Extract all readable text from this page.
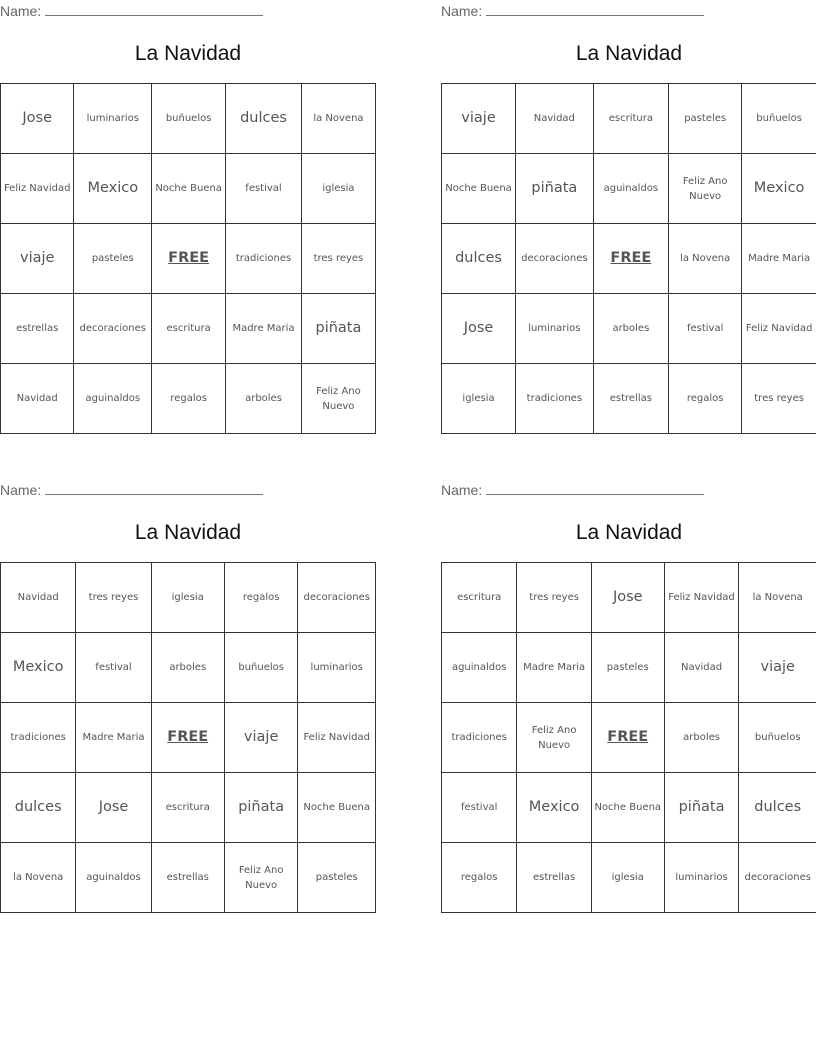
Name:
La Navidad
Jose	luminarios	buñuelos	dulces	la Novena
Feliz Navidad	Mexico	Noche Buena	festival	iglesia
viaje	pasteles	FREE	tradiciones	tres reyes
estrellas	decoraciones	escritura	Madre Maria	piñata
Navidad	aguinaldos	regalos	arboles	Feliz Ano Nuevo
Name:
La Navidad
viaje	Navidad	escritura	pasteles	buñuelos
Noche Buena	piñata	aguinaldos	Feliz Ano Nuevo	Mexico
dulces	decoraciones	FREE	la Novena	Madre Maria
Jose	luminarios	arboles	festival	Feliz Navidad
iglesia	tradiciones	estrellas	regalos	tres reyes
Name:
La Navidad
Navidad	tres reyes	iglesia	regalos	decoraciones
Mexico	festival	arboles	buñuelos	luminarios
tradiciones	Madre Maria	FREE	viaje	Feliz Navidad
dulces	Jose	escritura	piñata	Noche Buena
la Novena	aguinaldos	estrellas	Feliz Ano Nuevo	pasteles
Name:
La Navidad
escritura	tres reyes	Jose	Feliz Navidad	la Novena
aguinaldos	Madre Maria	pasteles	Navidad	viaje
tradiciones	Feliz Ano Nuevo	FREE	arboles	buñuelos
festival	Mexico	Noche Buena	piñata	dulces
regalos	estrellas	iglesia	luminarios	decoraciones
